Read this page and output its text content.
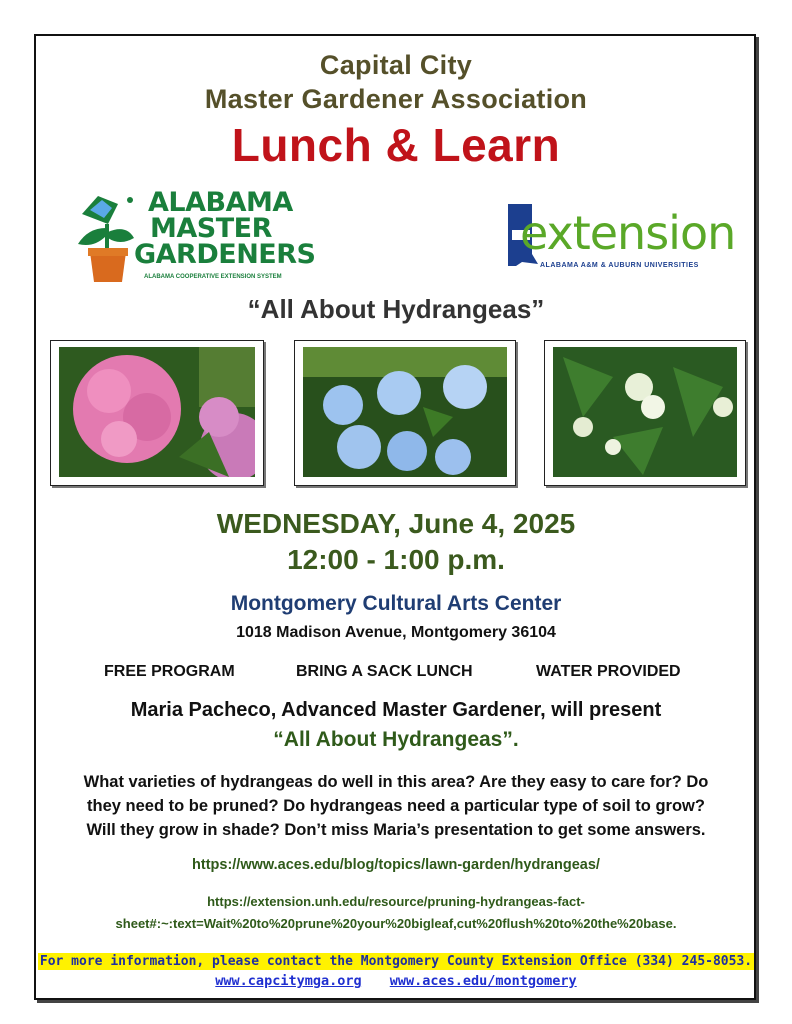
Capital City
Master Gardener Association
Lunch & Learn
ALABAMA
MASTER
GARDENERS
ALABAMA COOPERATIVE EXTENSION SYSTEM
extension
ALABAMA A&M & AUBURN UNIVERSITIES
“All About Hydrangeas”
WEDNESDAY, June 4, 2025
12:00 - 1:00 p.m.
Montgomery Cultural Arts Center
1018 Madison Avenue, Montgomery 36104
FREE PROGRAM	BRING A SACK LUNCH	WATER PROVIDED
Maria Pacheco, Advanced Master Gardener, will present
“All About Hydrangeas”.
What varieties of hydrangeas do well in this area? Are they easy to care for? Do
they need to be pruned? Do hydrangeas need a particular type of soil to grow?
Will they grow in shade? Don’t miss Maria’s presentation to get some answers.
https://www.aces.edu/blog/topics/lawn-garden/hydrangeas/
https://extension.unh.edu/resource/pruning-hydrangeas-fact-
sheet#:~:text=Wait%20to%20prune%20your%20bigleaf,cut%20flush%20to%20the%20base.
For more information, please contact the Montgomery County Extension Office (334) 245-8053.
www.capcitymga.org www.aces.edu/montgomery
